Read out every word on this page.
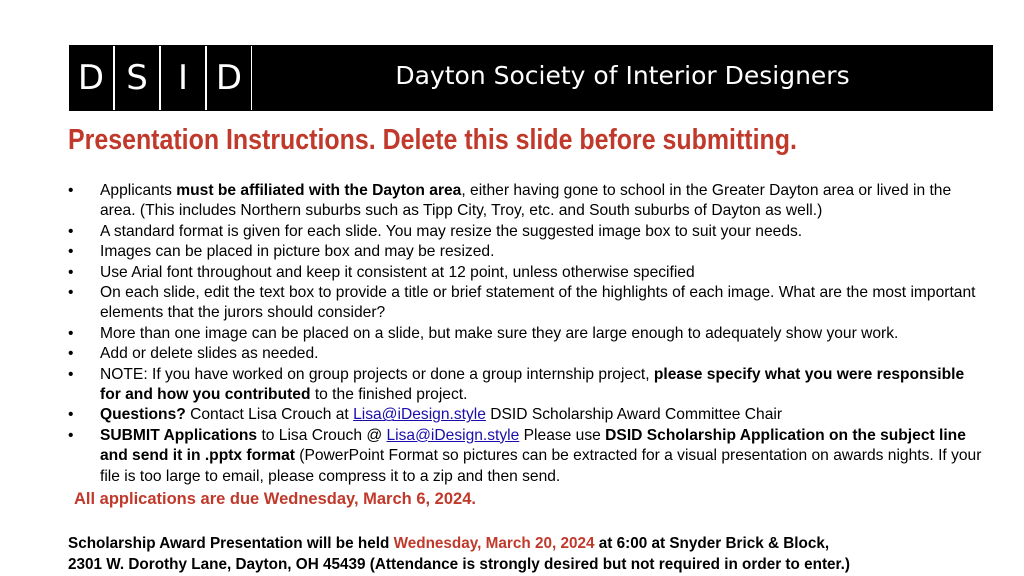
D S I D	Dayton Society of Interior Designers
Presentation Instructions. Delete this slide before submitting.
• Applicants must be affiliated with the Dayton area, either having gone to school in the Greater Dayton area or lived in the area. (This includes Northern suburbs such as Tipp City, Troy, etc. and South suburbs of Dayton as well.)
• A standard format is given for each slide. You may resize the suggested image box to suit your needs.
• Images can be placed in picture box and may be resized.
• Use Arial font throughout and keep it consistent at 12 point, unless otherwise specified
• On each slide, edit the text box to provide a title or brief statement of the highlights of each image. What are the most important elements that the jurors should consider?
• More than one image can be placed on a slide, but make sure they are large enough to adequately show your work.
• Add or delete slides as needed.
• NOTE: If you have worked on group projects or done a group internship project, please specify what you were responsible for and how you contributed to the finished project.
• Questions? Contact Lisa Crouch at Lisa@iDesign.style DSID Scholarship Award Committee Chair
• SUBMIT Applications to Lisa Crouch @ Lisa@iDesign.style Please use DSID Scholarship Application on the subject line and send it in .pptx format (PowerPoint Format so pictures can be extracted for a visual presentation on awards nights. If your file is too large to email, please compress it to a zip and then send.
All applications are due Wednesday, March 6, 2024.
Scholarship Award Presentation will be held Wednesday, March 20, 2024 at 6:00 at Snyder Brick & Block,
2301 W. Dorothy Lane, Dayton, OH 45439 (Attendance is strongly desired but not required in order to enter.)
